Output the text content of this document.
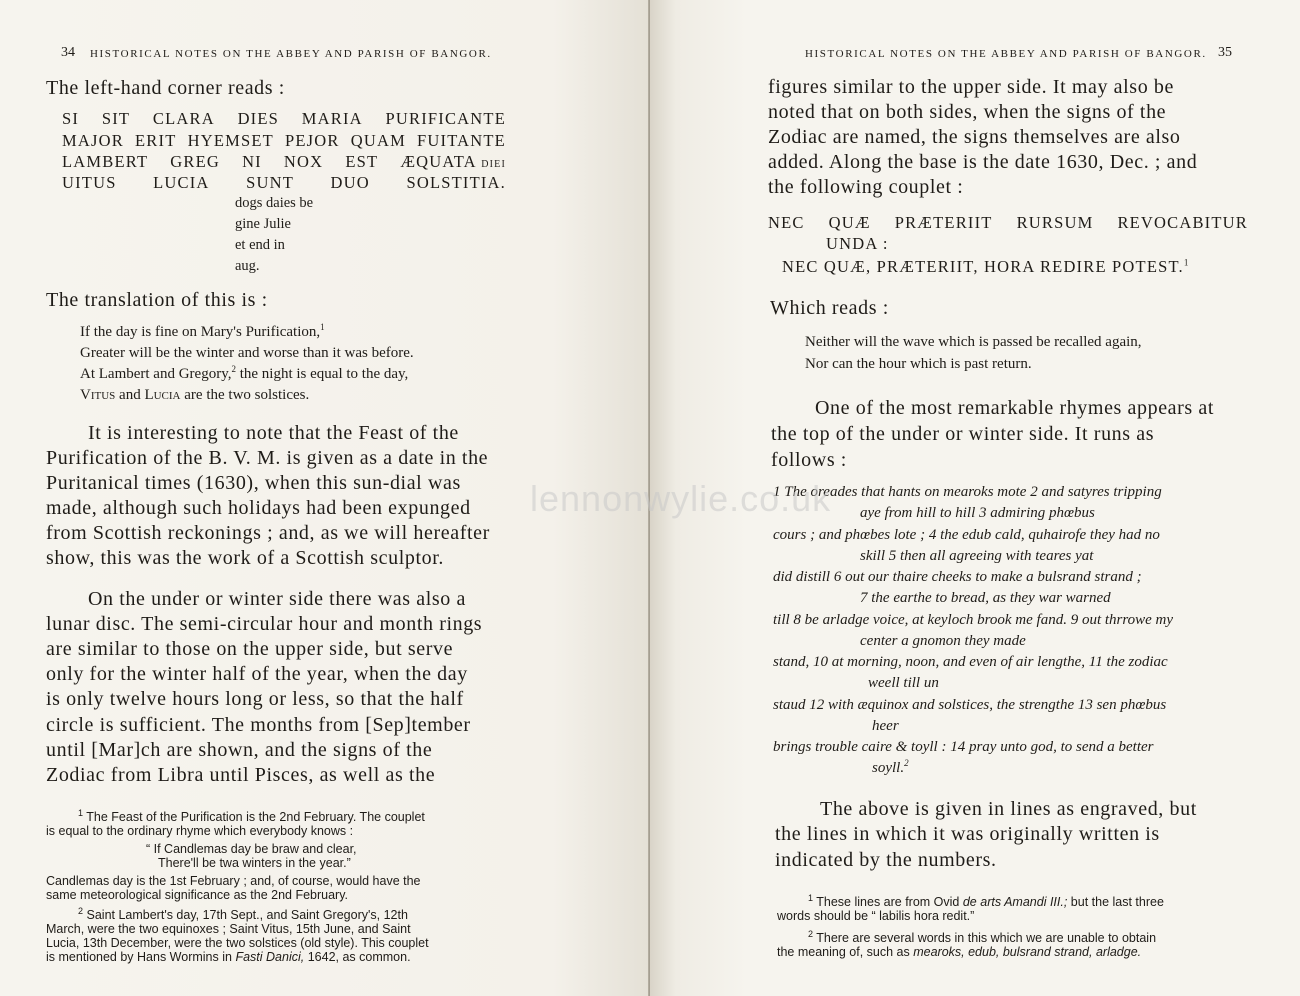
34 HISTORICAL NOTES ON THE ABBEY AND PARISH OF BANGOR.
The left-hand corner reads :
SI SIT CLARA DIES MARIA PURIFICANTE
MAJOR ERIT HYEMSET PEJOR QUAM FUITANTE
LAMBERT GREG NI NOX EST ÆQUATA DIEI
UITUS LUCIA SUNT DUO SOLSTITIA.
dogs daies be
gine Julie
et end in
aug.
The translation of this is :
If the day is fine on Mary's Purification,$^1$
Greater will be the winter and worse than it was before.
At Lambert and Gregory,$^2$ the night is equal to the day,
Vitus and Lucia are the two solstices.
It is interesting to note that the Feast of the
Purification of the B. V. M. is given as a date in the
Puritanical times (1630), when this sun-dial was
made, although such holidays had been expunged
from Scottish reckonings ; and, as we will hereafter
show, this was the work of a Scottish sculptor.
On the under or winter side there was also a
lunar disc. The semi-circular hour and month rings
are similar to those on the upper side, but serve
only for the winter half of the year, when the day
is only twelve hours long or less, so that the half
circle is sufficient. The months from [Sep]tember
until [Mar]ch are shown, and the signs of the
Zodiac from Libra until Pisces, as well as the
$^1$ The Feast of the Purification is the 2nd February. The couplet
is equal to the ordinary rhyme which everybody knows :
“ If Candlemas day be braw and clear,
There'll be twa winters in the year.”
Candlemas day is the 1st February ; and, of course, would have the
same meteorological significance as the 2nd February.
$^2$ Saint Lambert's day, 17th Sept., and Saint Gregory's, 12th
March, were the two equinoxes ; Saint Vitus, 15th June, and Saint
Lucia, 13th December, were the two solstices (old style). This couplet
is mentioned by Hans Wormins in Fasti Danici, 1642, as common.
HISTORICAL NOTES ON THE ABBEY AND PARISH OF BANGOR. 35
figures similar to the upper side. It may also be
noted that on both sides, when the signs of the
Zodiac are named, the signs themselves are also
added. Along the base is the date 1630, Dec. ; and
the following couplet :
NEC QUÆ PRÆTERIIT RURSUM REVOCABITUR
UNDA :
NEC QUÆ, PRÆTERIIT, HORA REDIRE POTEST.$^1$
Which reads :
Neither will the wave which is passed be recalled again,
Nor can the hour which is past return.
One of the most remarkable rhymes appears at
the top of the under or winter side. It runs as
follows :
1 The oreades that hants on mearoks mote 2 and satyres tripping
aye from hill to hill 3 admiring phœbus
cours ; and phœbes lote ; 4 the edub cald, quhairofe they had no
skill 5 then all agreeing with teares yat
did distill 6 out our thaire cheeks to make a bulsrand strand ;
7 the earthe to bread, as they war warned
till 8 be arladge voice, at keyloch brook me fand. 9 out thrrowe my
center a gnomon they made
stand, 10 at morning, noon, and even of air lengthe, 11 the zodiac
weell till un
staud 12 with æquinox and solstices, the strengthe 13 sen phœbus
heer
brings trouble caire & toyll : 14 pray unto god, to send a better
soyll.$^2$
The above is given in lines as engraved, but
the lines in which it was originally written is
indicated by the numbers.
$^1$ These lines are from Ovid de arts Amandi III.; but the last three
words should be “ labilis hora redit.”
$^2$ There are several words in this which we are unable to obtain
the meaning of, such as mearoks, edub, bulsrand strand, arladge.
lennonwylie.co.uk
